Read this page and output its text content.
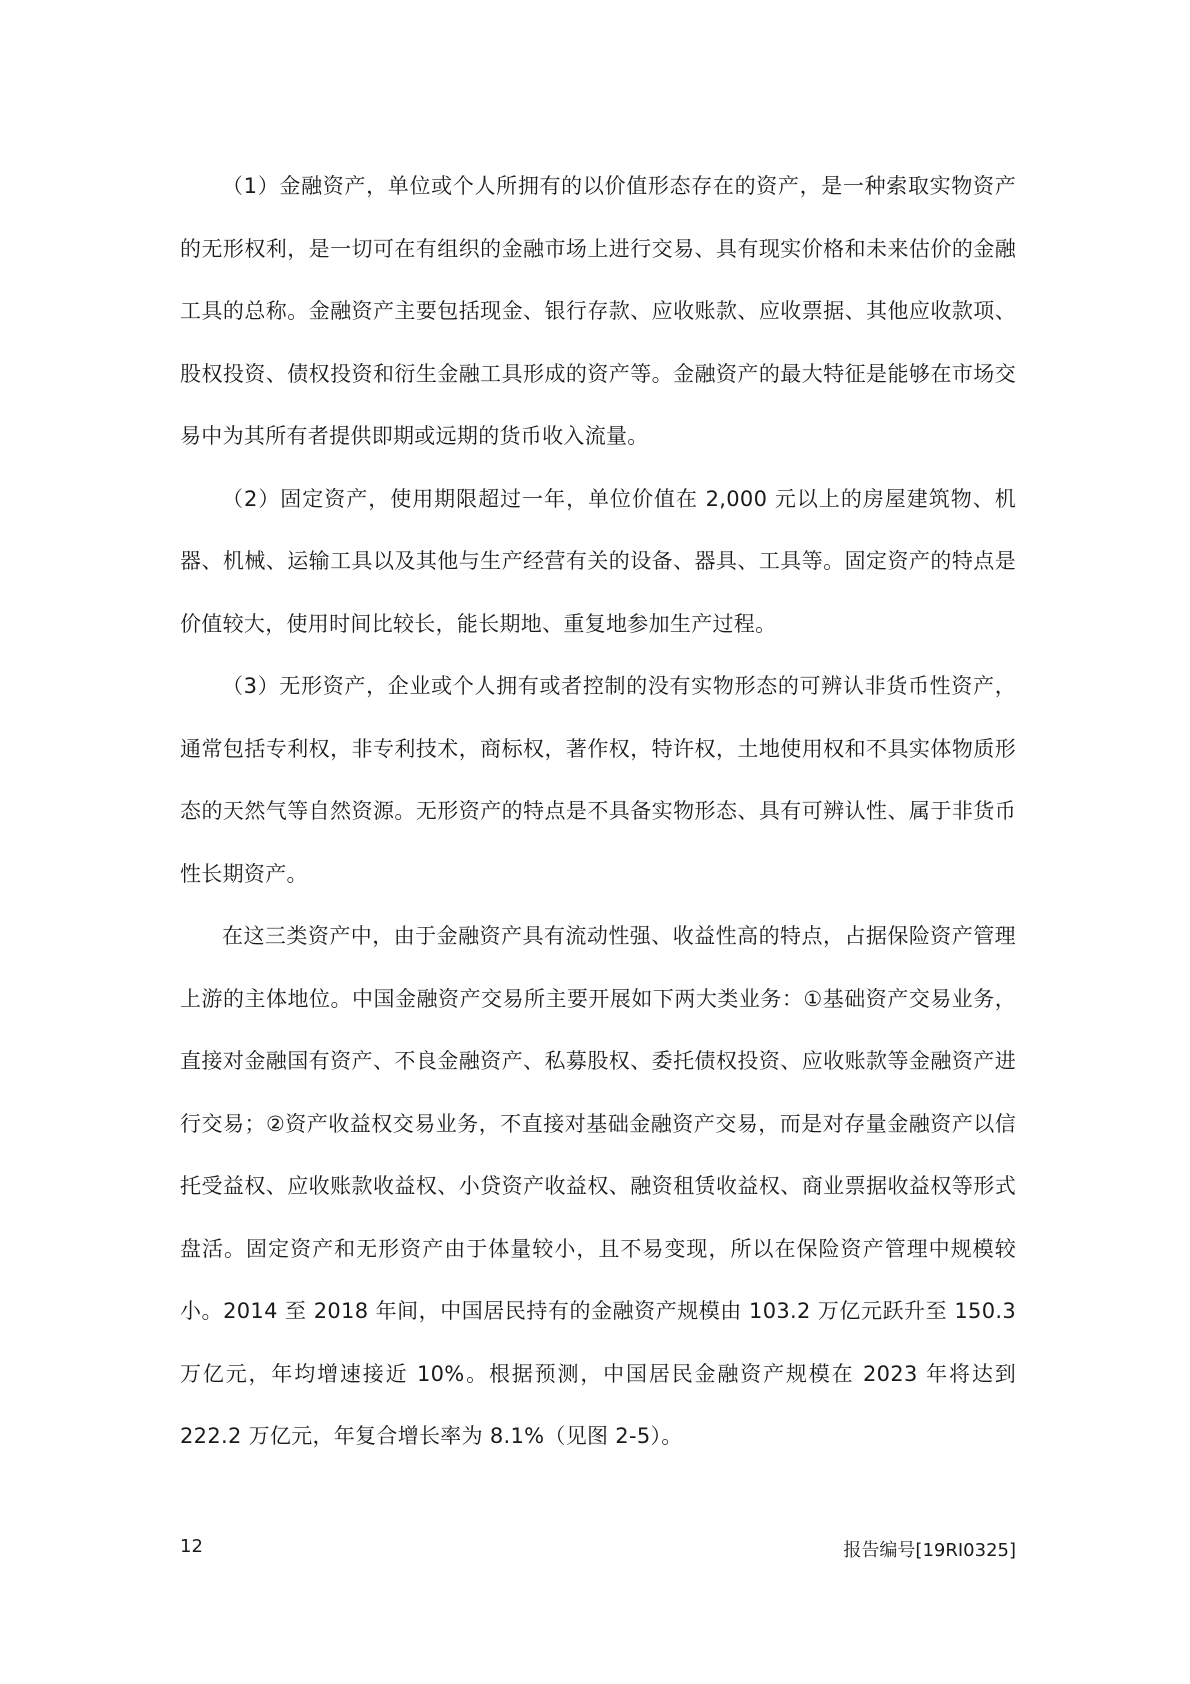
（1）金融资产，单位或个人所拥有的以价值形态存在的资产，是一种索取实物资产的无形权利，是一切可在有组织的金融市场上进行交易、具有现实价格和未来估价的金融工具的总称。金融资产主要包括现金、银行存款、应收账款、应收票据、其他应收款项、股权投资、债权投资和衍生金融工具形成的资产等。金融资产的最大特征是能够在市场交易中为其所有者提供即期或远期的货币收入流量。

（2）固定资产，使用期限超过一年，单位价值在 2,000 元以上的房屋建筑物、机器、机械、运输工具以及其他与生产经营有关的设备、器具、工具等。固定资产的特点是价值较大，使用时间比较长，能长期地、重复地参加生产过程。

（3）无形资产，企业或个人拥有或者控制的没有实物形态的可辨认非货币性资产，通常包括专利权，非专利技术，商标权，著作权，特许权，土地使用权和不具实体物质形态的天然气等自然资源。无形资产的特点是不具备实物形态、具有可辨认性、属于非货币性长期资产。

在这三类资产中，由于金融资产具有流动性强、收益性高的特点，占据保险资产管理上游的主体地位。中国金融资产交易所主要开展如下两大类业务：①基础资产交易业务，直接对金融国有资产、不良金融资产、私募股权、委托债权投资、应收账款等金融资产进行交易；②资产收益权交易业务，不直接对基础金融资产交易，而是对存量金融资产以信托受益权、应收账款收益权、小贷资产收益权、融资租赁收益权、商业票据收益权等形式盘活。固定资产和无形资产由于体量较小，且不易变现，所以在保险资产管理中规模较小。2014 至 2018 年间，中国居民持有的金融资产规模由 103.2 万亿元跃升至 150.3 万亿元，年均增速接近 10%。根据预测，中国居民金融资产规模在 2023 年将达到 222.2 万亿元，年复合增长率为 8.1%（见图 2-5）。

12	报告编号[19RI0325]
